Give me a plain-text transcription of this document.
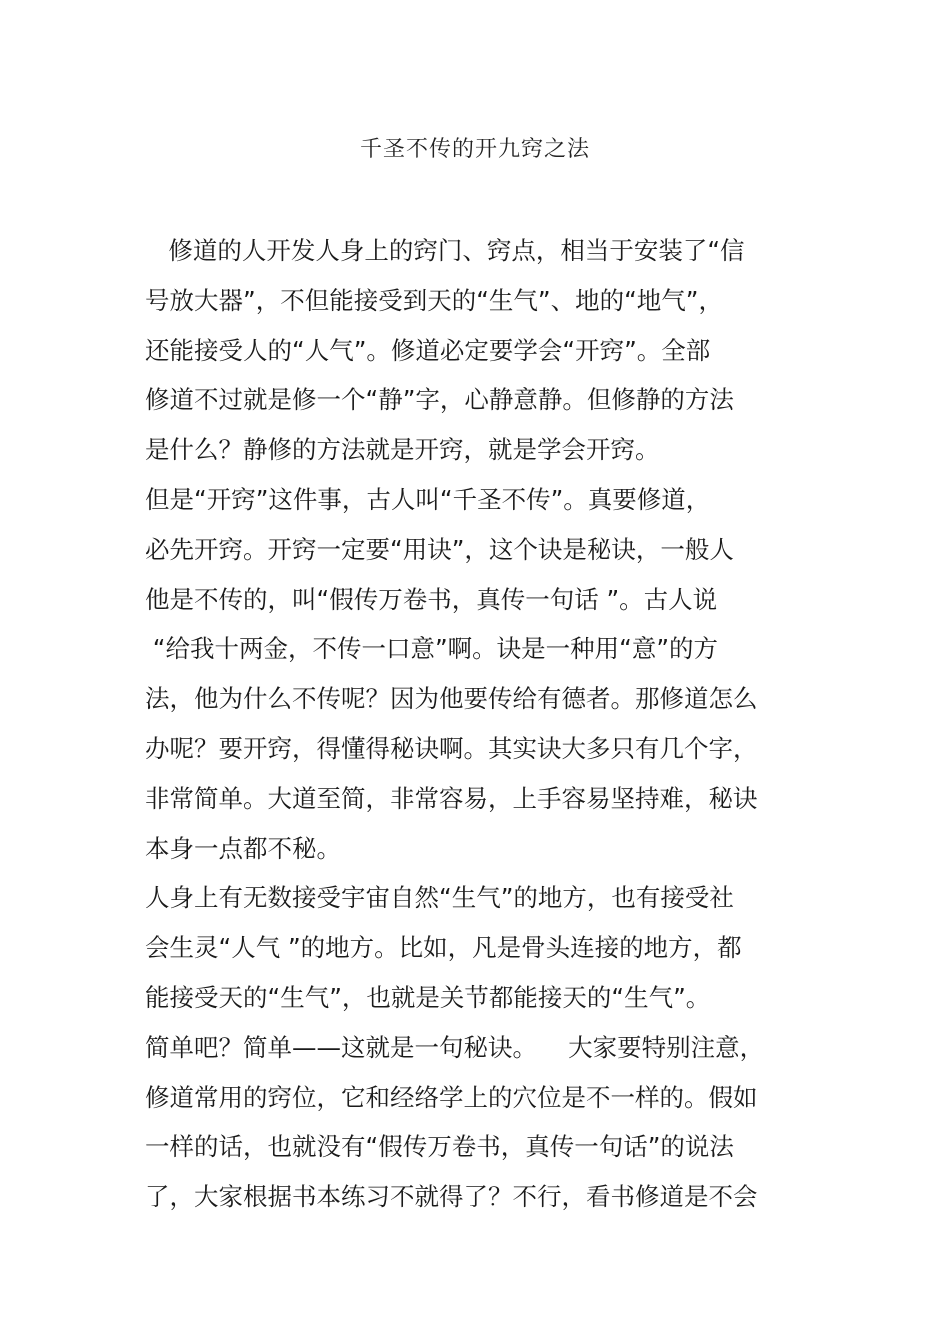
千圣不传的开九窍之法
修道的人开发人身上的窍门、窍点，相当于安装了“信
号放大器”，不但能接受到天的“生气”、地的“地气”，
还能接受人的“人气”。修道必定要学会“开窍”。全部
修道不过就是修一个“静”字，心静意静。但修静的方法
是什么？静修的方法就是开窍，就是学会开窍。
但是“开窍”这件事，古人叫“千圣不传”。真要修道，
必先开窍。开窍一定要“用诀”，这个诀是秘诀，一般人
他是不传的，叫“假传万卷书，真传一句话 ”。古人说
“给我十两金，不传一口意”啊。诀是一种用“意”的方
法，他为什么不传呢？因为他要传给有德者。那修道怎么
办呢？要开窍，得懂得秘诀啊。其实诀大多只有几个字，
非常简单。大道至简，非常容易，上手容易坚持难，秘诀
本身一点都不秘。
人身上有无数接受宇宙自然“生气”的地方，也有接受社
会生灵“人气 ”的地方。比如，凡是骨头连接的地方，都
能接受天的“生气”，也就是关节都能接天的“生气”。
简单吧？简单——这就是一句秘诀。    大家要特别注意，
修道常用的窍位，它和经络学上的穴位是不一样的。假如
一样的话，也就没有“假传万卷书，真传一句话”的说法
了，大家根据书本练习不就得了？不行，看书修道是不会
